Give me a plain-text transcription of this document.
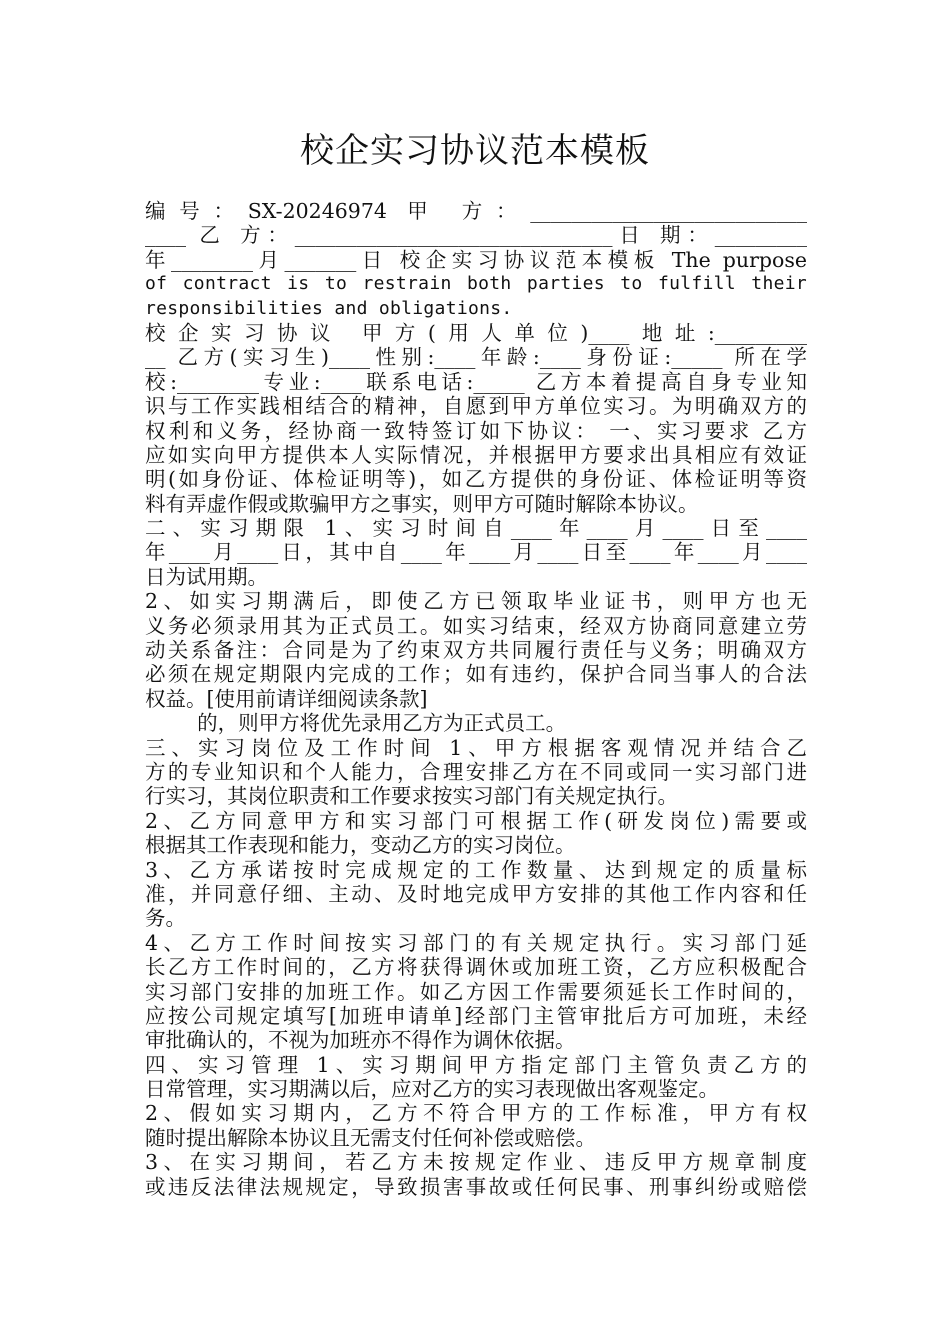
校企实习协议范本模板
编号：SX-20246974 甲 方：___________________________
____ 乙 方：_______________________________日 期：_________
年________月_______日 校企实习协议范本模板 The purpose
of contract is to restrain both parties to fulfill their
responsibilities and obligations.
校企实习协议 甲方(用人单位)____地址:_________
__ 乙方(实习生)____性别:____年龄:____身份证:_____ 所在学
校:________专业:____联系电话:_____ 乙方本着提高自身专业知
识与工作实践相结合的精神，自愿到甲方单位实习。为明确双方的
权利和义务，经协商一致特签订如下协议： 一、实习要求 乙方
应如实向甲方提供本人实际情况，并根据甲方要求出具相应有效证
明(如身份证、体检证明等)，如乙方提供的身份证、体检证明等资
料有弄虚作假或欺骗甲方之事实，则甲方可随时解除本协议。
二、实习期限 1、实习时间自____年____月____日至____
年____月____日，其中自____年____月____日至____年____月____
日为试用期。
2、如实习期满后，即使乙方已领取毕业证书，则甲方也无
义务必须录用其为正式员工。如实习结束，经双方协商同意建立劳
动关系备注：合同是为了约束双方共同履行责任与义务；明确双方
必须在规定期限内完成的工作；如有违约，保护合同当事人的合法
权益。[使用前请详细阅读条款]
的，则甲方将优先录用乙方为正式员工。
三、实习岗位及工作时间 1、甲方根据客观情况并结合乙
方的专业知识和个人能力，合理安排乙方在不同或同一实习部门进
行实习，其岗位职责和工作要求按实习部门有关规定执行。
2、乙方同意甲方和实习部门可根据工作(研发岗位)需要或
根据其工作表现和能力，变动乙方的实习岗位。
3、乙方承诺按时完成规定的工作数量、达到规定的质量标
准，并同意仔细、主动、及时地完成甲方安排的其他工作内容和任
务。
4、乙方工作时间按实习部门的有关规定执行。实习部门延
长乙方工作时间的，乙方将获得调休或加班工资，乙方应积极配合
实习部门安排的加班工作。如乙方因工作需要须延长工作时间的，
应按公司规定填写[加班申请单]经部门主管审批后方可加班，未经
审批确认的，不视为加班亦不得作为调休依据。
四、实习管理 1、实习期间甲方指定部门主管负责乙方的
日常管理，实习期满以后，应对乙方的实习表现做出客观鉴定。
2、假如实习期内，乙方不符合甲方的工作标准，甲方有权
随时提出解除本协议且无需支付任何补偿或赔偿。
3、在实习期间，若乙方未按规定作业、违反甲方规章制度
或违反法律法规规定，导致损害事故或任何民事、刑事纠纷或赔偿
